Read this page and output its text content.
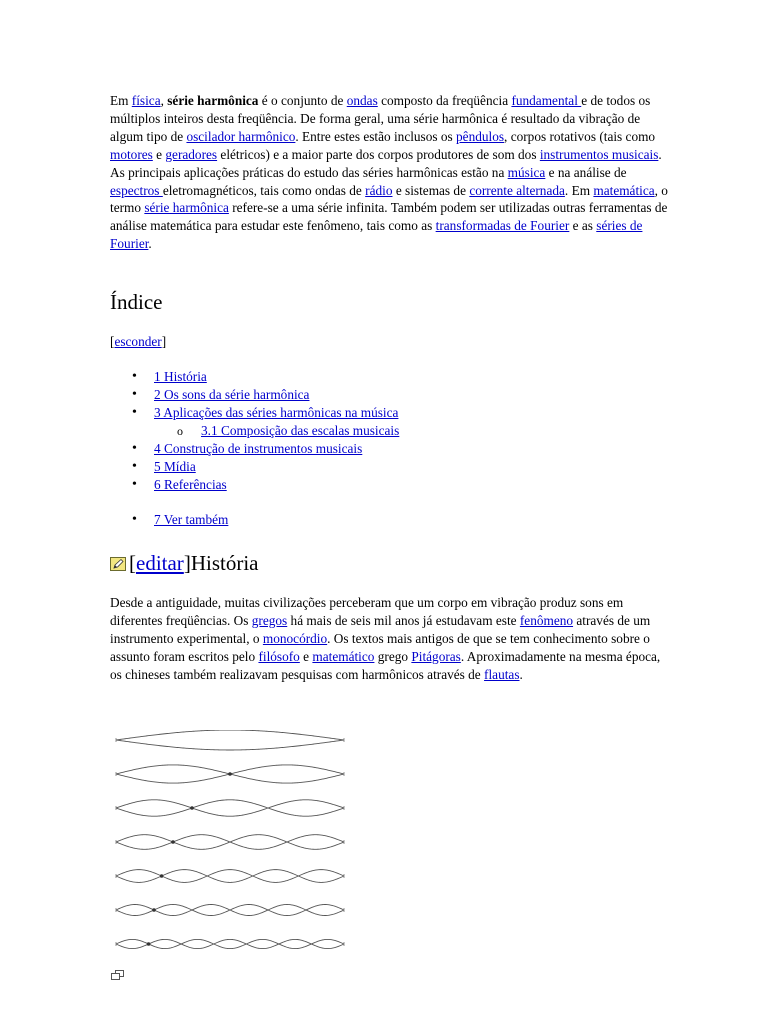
Em física, série harmônica é o conjunto de ondas composto da freqüência fundamental e de todos os múltiplos inteiros desta freqüência. De forma geral, uma série harmônica é resultado da vibração de algum tipo de oscilador harmônico. Entre estes estão inclusos os pêndulos, corpos rotativos (tais como motores e geradores elétricos) e a maior parte dos corpos produtores de som dos instrumentos musicais. As principais aplicações práticas do estudo das séries harmônicas estão na música e na análise de espectros eletromagnéticos, tais como ondas de rádio e sistemas de corrente alternada. Em matemática, o termo série harmônica refere-se a uma série infinita. Também podem ser utilizadas outras ferramentas de análise matemática para estudar este fenômeno, tais como as transformadas de Fourier e as séries de Fourier.

Índice
[esconder]
• 1 História
• 2 Os sons da série harmônica
• 3 Aplicações das séries harmônicas na música
o 3.1 Composição das escalas musicais
• 4 Construção de instrumentos musicais
• 5 Mídia
• 6 Referências
• 7 Ver também
[ editar ] História

Desde a antiguidade, muitas civilizações perceberam que um corpo em vibração produz sons em diferentes freqüências. Os gregos há mais de seis mil anos já estudavam este fenômeno através de um instrumento experimental, o monocórdio. Os textos mais antigos de que se tem conhecimento sobre o assunto foram escritos pelo filósofo e matemático grego Pitágoras. Aproximadamente na mesma época, os chineses também realizavam pesquisas com harmônicos através de flautas.
